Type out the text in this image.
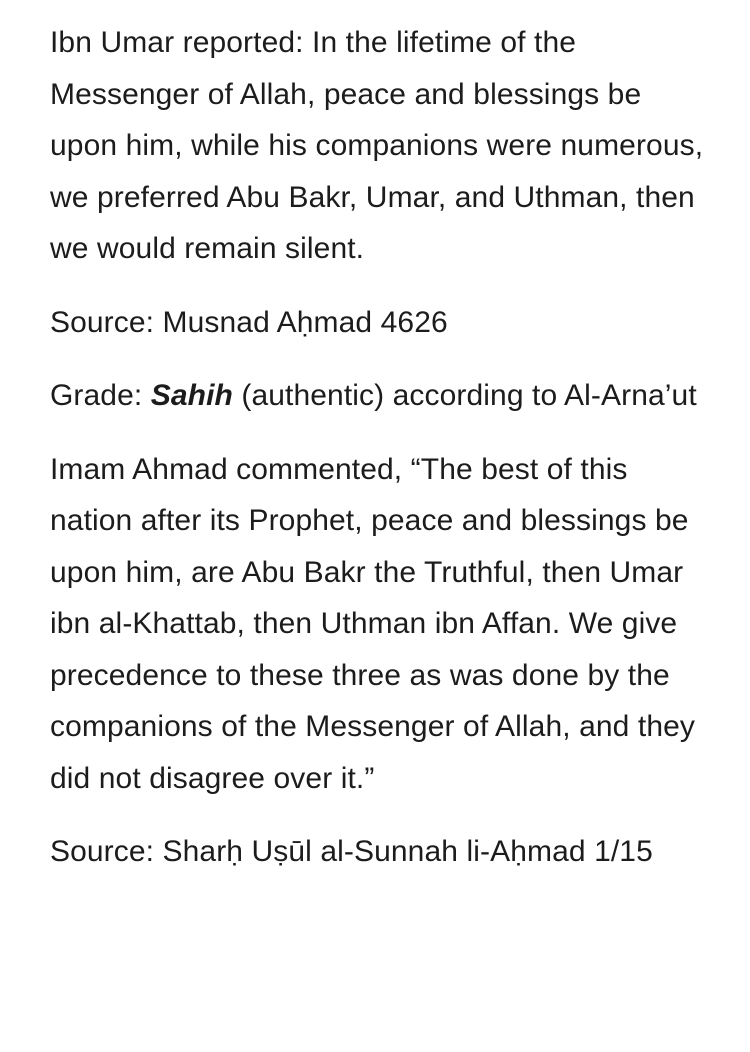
Ibn Umar reported: In the lifetime of the Messenger of Allah, peace and blessings be upon him, while his companions were numerous, we preferred Abu Bakr, Umar, and Uthman, then we would remain silent.

Source: Musnad Aḥmad 4626

Grade: Sahih (authentic) according to Al-Arna’ut

Imam Ahmad commented, “The best of this nation after its Prophet, peace and blessings be upon him, are Abu Bakr the Truthful, then Umar ibn al-Khattab, then Uthman ibn Affan. We give precedence to these three as was done by the companions of the Messenger of Allah, and they did not disagree over it.”

Source: Sharḥ Uṣūl al-Sunnah li-Aḥmad 1/15
